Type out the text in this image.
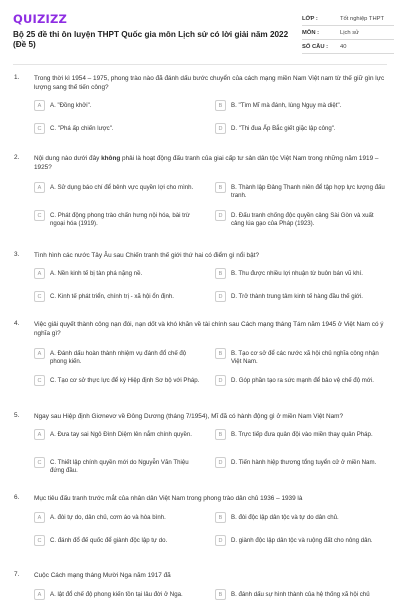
QUIZIZZ
Bộ 25 đề thi ôn luyện THPT Quốc gia môn Lịch sử có lời giải năm 2022 (Đề 5)
LỚP :	Tốt nghiệp THPT
MÔN :	Lịch sử
SỐ CÂU :	40
1. Trong thời kì 1954 – 1975, phong trào nào đã đánh dấu bước chuyển của cách mạng miền Nam Việt nam từ thế giữ gìn lực lượng sang thế tiến công?
A	A. "Đồng khởi".	B	B. "Tìm Mĩ mà đánh, lùng Ngụy mà diệt".
C	C. "Phá ấp chiến lược".	D	D. "Thi đua Ấp Bắc giết giặc lập công".
2. Nội dung nào dưới đây không phải là hoạt động đấu tranh của giai cấp tư sản dân tộc Việt Nam trong những năm 1919 – 1925?
A	A. Sử dụng báo chí để bênh vực quyền lợi cho mình.	B	B. Thành lập Đảng Thanh niên để tập hợp lực lượng đấu tranh.
C	C. Phát động phong trào chấn hưng nội hóa, bài trừ ngoại hóa (1919).
D	D. Đấu tranh chống độc quyền cảng Sài Gòn và xuất cảng lúa gạo của Pháp (1923).
3. Tình hình các nước Tây Âu sau Chiến tranh thế giới thứ hai có điểm gì nổi bật?
A	A. Nền kinh tế bị tàn phá nặng nề.	B	B. Thu được nhiều lợi nhuận từ buôn bán vũ khí.
C	C. Kinh tế phát triển, chính trị - xã hội ổn định.	D	D. Trở thành trung tâm kinh tế hàng đầu thế giới.
4. Việc giải quyết thành công nạn đói, nạn dốt và khó khăn về tài chính sau Cách mạng tháng Tám năm 1945 ở Việt Nam có ý nghĩa gì?
A	A. Đánh dấu hoàn thành nhiệm vụ đánh đổ chế độ phong kiến.
B	B. Tạo cơ sở để các nước xã hội chủ nghĩa công nhận Việt Nam.
C	C. Tạo cơ sở thực lực để ký Hiệp định Sơ bộ với Pháp.	D	D. Góp phần tạo ra sức mạnh để bảo vệ chế độ mới.
5. Ngay sau Hiệp định Giơnevơ về Đông Dương (tháng 7/1954), Mĩ đã có hành động gì ở miền Nam Việt Nam?
A	A. Đưa tay sai Ngô Đình Diệm lên nắm chính quyền.	B	B. Trực tiếp đưa quân đội vào miền thay quân Pháp.
C	C. Thiết lập chính quyền mới do Nguyễn Văn Thiệu đứng đầu.
D	D. Tiến hành hiệp thương tổng tuyển cử ở miền Nam.
6. Mục tiêu đấu tranh trước mắt của nhân dân Việt Nam trong phong trào dân chủ 1936 – 1939 là
A	A. đòi tự do, dân chủ, cơm áo và hòa bình.	B	B. đòi độc lập dân tộc và tự do dân chủ.
C	C. đánh đổ đế quốc để giành độc lập tự do.	D	D. giành độc lập dân tộc và ruộng đất cho nông dân.
7. Cuộc Cách mạng tháng Mười Nga năm 1917 đã
A	A. lật đổ chế độ phong kiến tồn tại lâu đời ở Nga.	B	B. đánh dấu sự hình thành của hệ thống xã hội chủ
